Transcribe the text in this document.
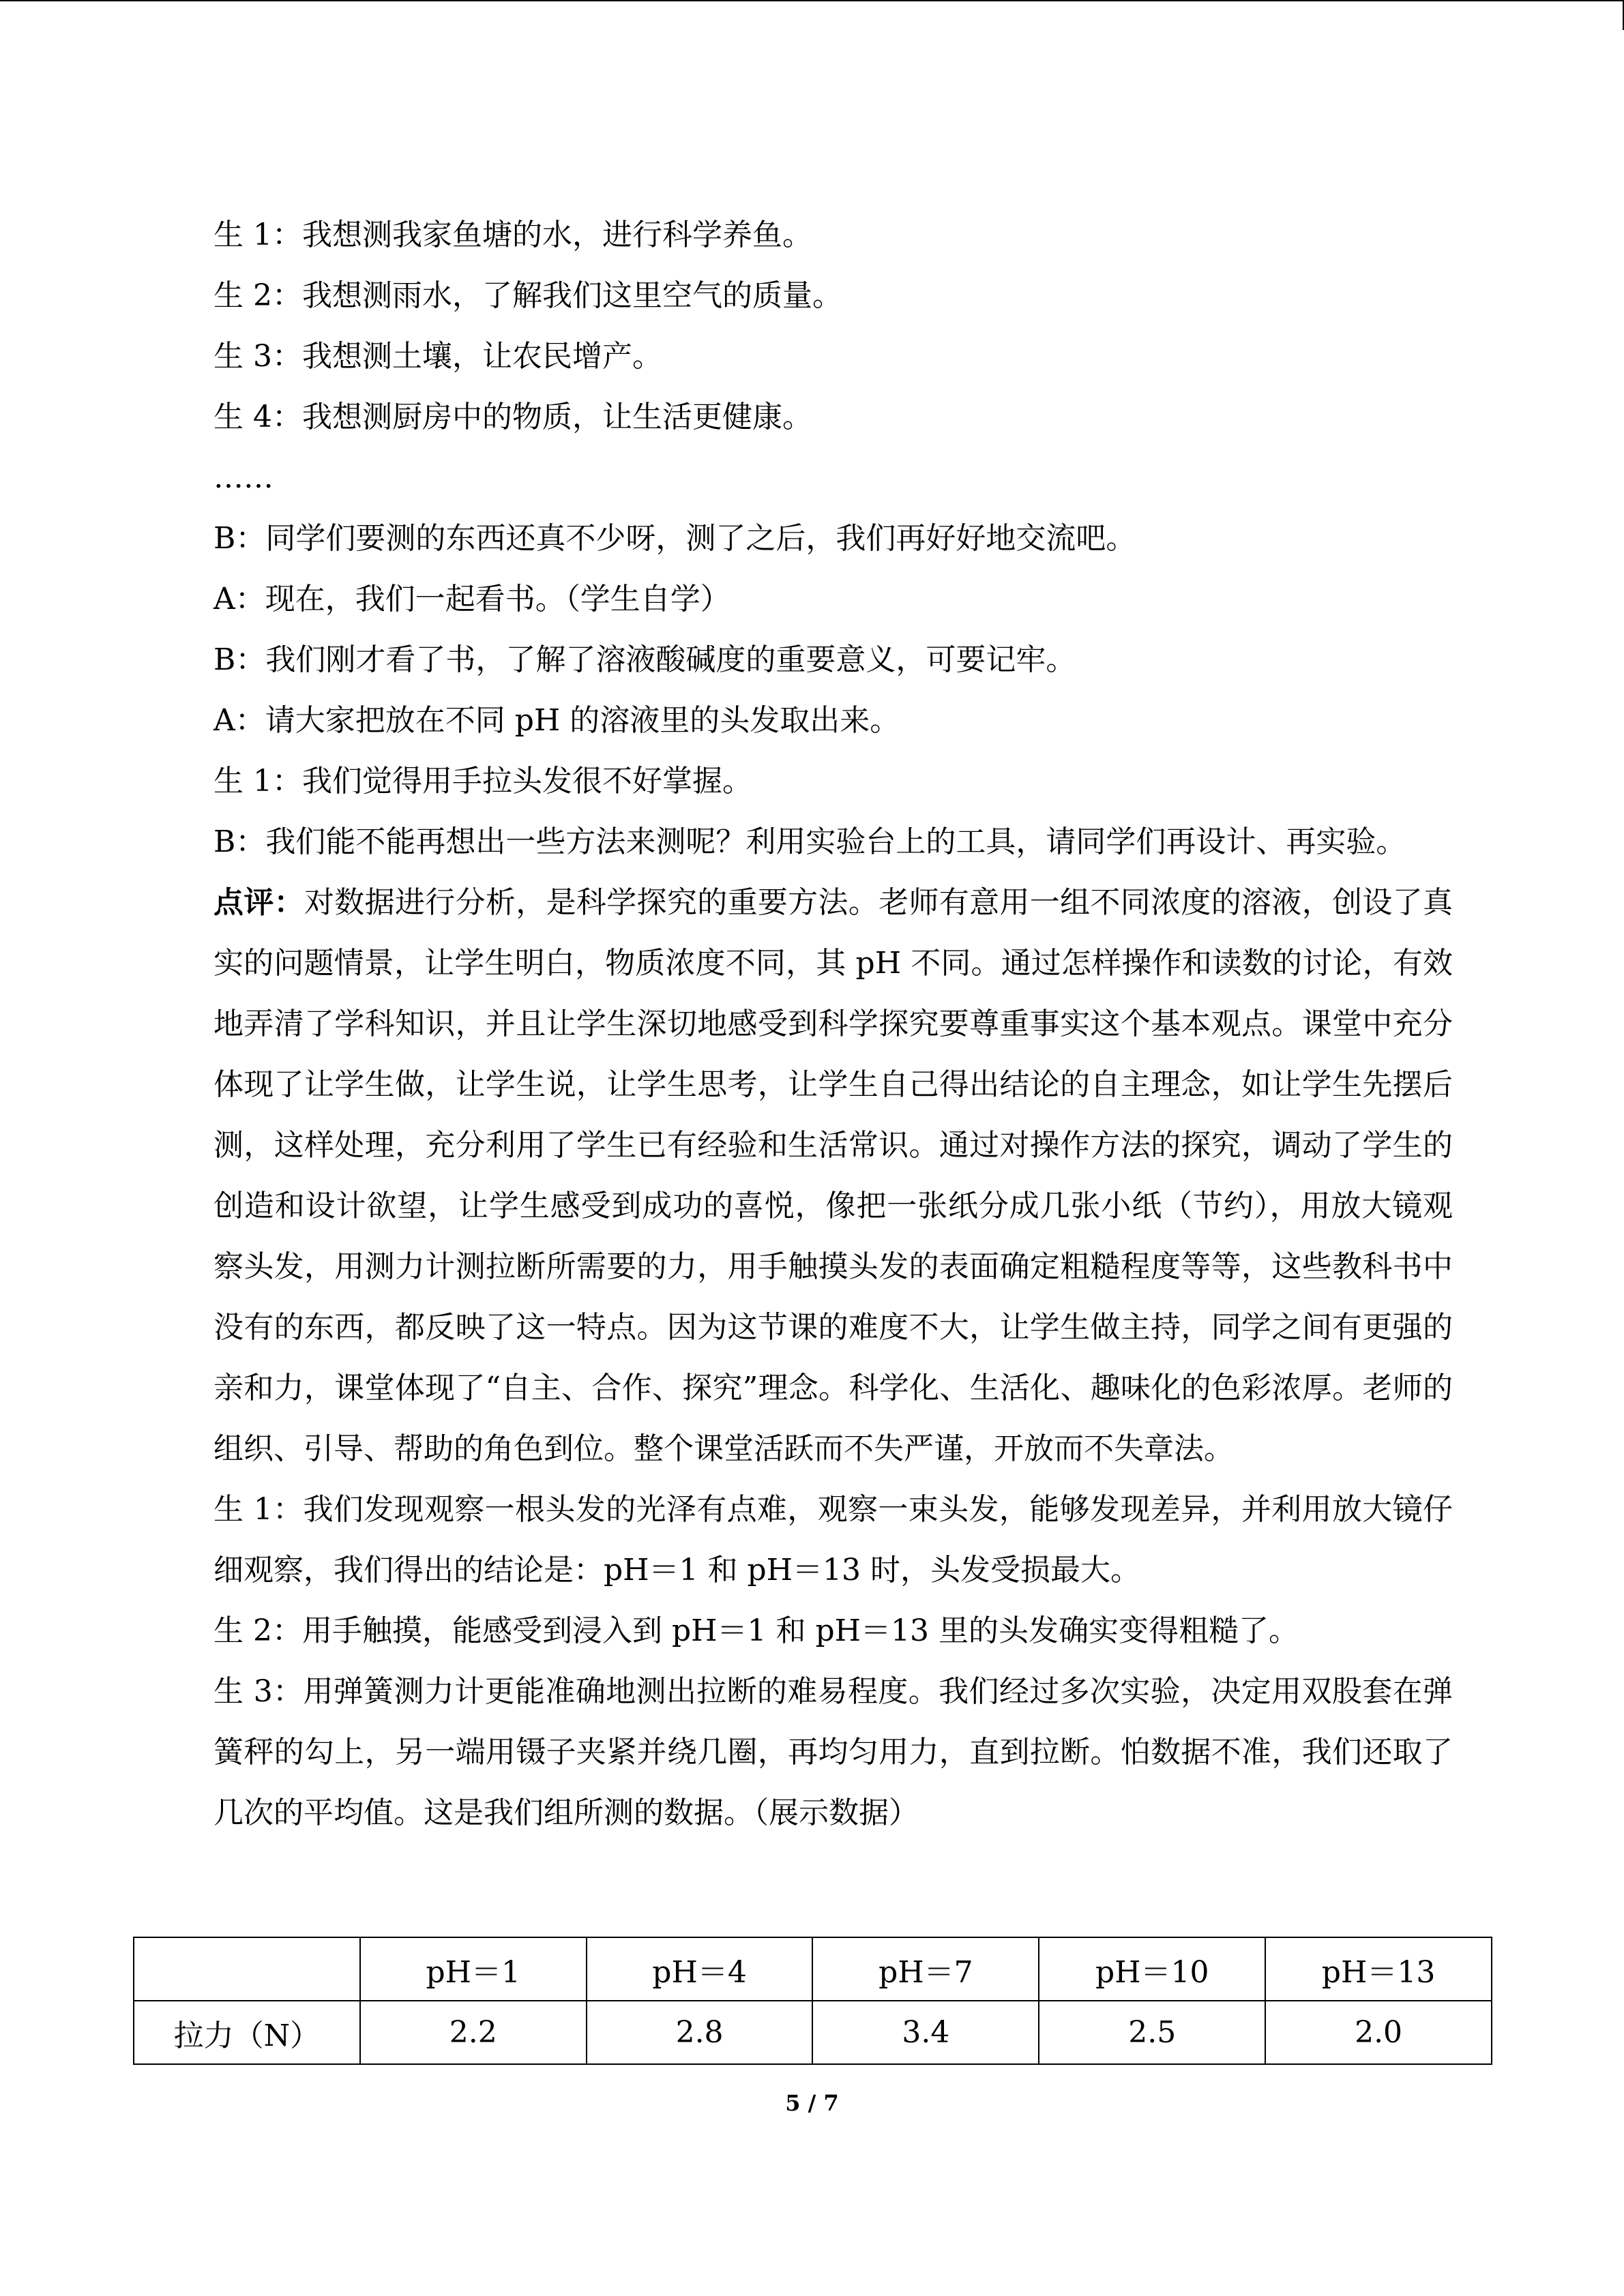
生 1：我想测我家鱼塘的水，进行科学养鱼。

生 2：我想测雨水，了解我们这里空气的质量。

生 3：我想测土壤，让农民增产。

生 4：我想测厨房中的物质，让生活更健康。

……

B：同学们要测的东西还真不少呀，测了之后，我们再好好地交流吧。

A：现在，我们一起看书。（学生自学）

B：我们刚才看了书，了解了溶液酸碱度的重要意义，可要记牢。

A：请大家把放在不同 pH 的溶液里的头发取出来。

生 1：我们觉得用手拉头发很不好掌握。

B：我们能不能再想出一些方法来测呢？利用实验台上的工具，请同学们再设计、再实验。

点评：对数据进行分析，是科学探究的重要方法。老师有意用一组不同浓度的溶液，创设了真实的问题情景，让学生明白，物质浓度不同，其 pH 不同。通过怎样操作和读数的讨论，有效地弄清了学科知识，并且让学生深切地感受到科学探究要尊重事实这个基本观点。课堂中充分体现了让学生做，让学生说，让学生思考，让学生自己得出结论的自主理念，如让学生先摆后测，这样处理，充分利用了学生已有经验和生活常识。通过对操作方法的探究，调动了学生的创造和设计欲望，让学生感受到成功的喜悦，像把一张纸分成几张小纸（节约），用放大镜观察头发，用测力计测拉断所需要的力，用手触摸头发的表面确定粗糙程度等等，这些教科书中没有的东西，都反映了这一特点。因为这节课的难度不大，让学生做主持，同学之间有更强的亲和力，课堂体现了“自主、合作、探究”理念。科学化、生活化、趣味化的色彩浓厚。老师的组织、引导、帮助的角色到位。整个课堂活跃而不失严谨，开放而不失章法。

生 1：我们发现观察一根头发的光泽有点难，观察一束头发，能够发现差异，并利用放大镜仔细观察，我们得出的结论是：pH＝1 和 pH＝13 时，头发受损最大。

生 2：用手触摸，能感受到浸入到 pH＝1 和 pH＝13 里的头发确实变得粗糙了。

生 3：用弹簧测力计更能准确地测出拉断的难易程度。我们经过多次实验，决定用双股套在弹簧秤的勾上，另一端用镊子夹紧并绕几圈，再均匀用力，直到拉断。怕数据不准，我们还取了几次的平均值。这是我们组所测的数据。（展示数据）

	pH＝1	pH＝4	pH＝7	pH＝10	pH＝13
拉力（N）	2.2	2.8	3.4	2.5	2.0
5 / 7
